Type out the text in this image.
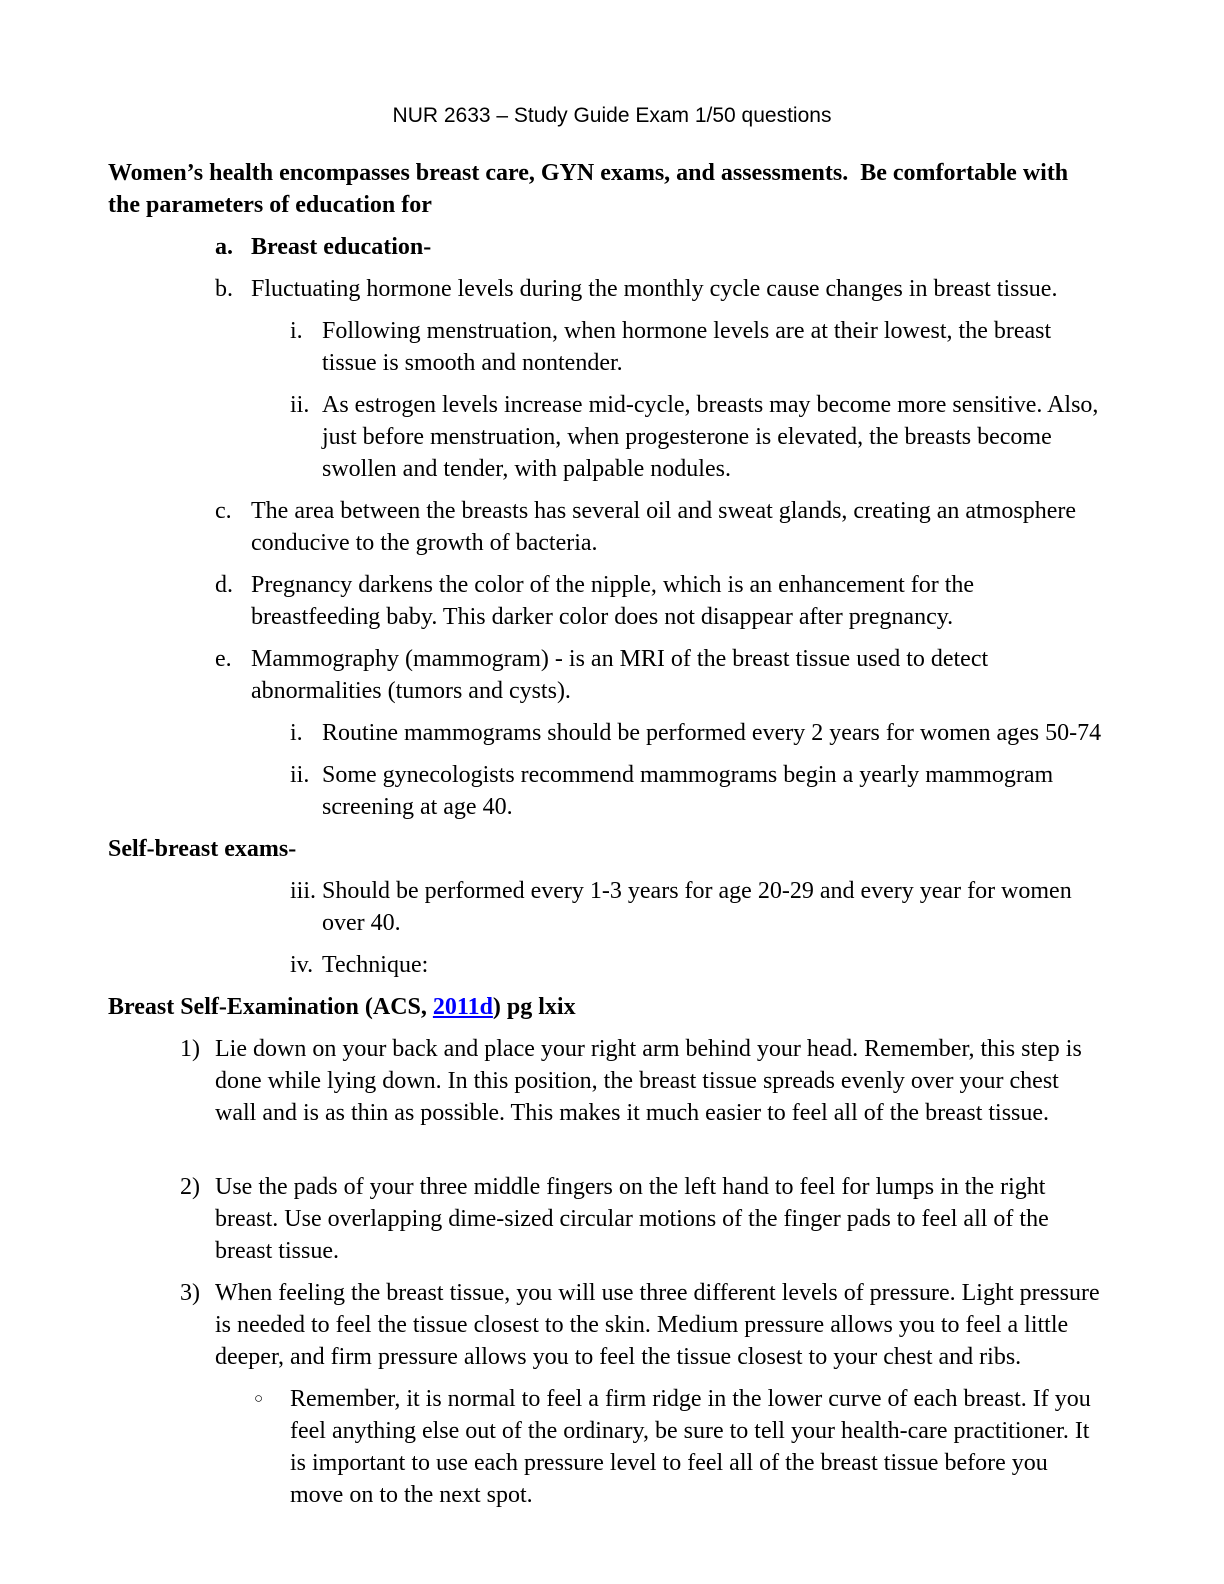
NUR 2633 – Study Guide Exam 1/50 questions
Women’s health encompasses breast care, GYN exams, and assessments.  Be comfortable with the parameters of education for
a. Breast education-
b. Fluctuating hormone levels during the monthly cycle cause changes in breast tissue.
i. Following menstruation, when hormone levels are at their lowest, the breast tissue is smooth and nontender.
ii. As estrogen levels increase mid-cycle, breasts may become more sensitive. Also, just before menstruation, when progesterone is elevated, the breasts become swollen and tender, with palpable nodules.
c. The area between the breasts has several oil and sweat glands, creating an atmosphere conducive to the growth of bacteria.
d. Pregnancy darkens the color of the nipple, which is an enhancement for the breastfeeding baby. This darker color does not disappear after pregnancy.
e. Mammography (mammogram) - is an MRI of the breast tissue used to detect abnormalities (tumors and cysts).
i. Routine mammograms should be performed every 2 years for women ages 50-74
ii. Some gynecologists recommend mammograms begin a yearly mammogram screening at age 40.
Self-breast exams-
iii. Should be performed every 1-3 years for age 20-29 and every year for women over 40.
iv. Technique:
Breast Self-Examination (ACS, 2011d) pg lxix
1) Lie down on your back and place your right arm behind your head. Remember, this step is done while lying down. In this position, the breast tissue spreads evenly over your chest wall and is as thin as possible. This makes it much easier to feel all of the breast tissue.
2) Use the pads of your three middle fingers on the left hand to feel for lumps in the right breast. Use overlapping dime-sized circular motions of the finger pads to feel all of the breast tissue.
3) When feeling the breast tissue, you will use three different levels of pressure. Light pressure is needed to feel the tissue closest to the skin. Medium pressure allows you to feel a little deeper, and firm pressure allows you to feel the tissue closest to your chest and ribs.
○ Remember, it is normal to feel a firm ridge in the lower curve of each breast. If you feel anything else out of the ordinary, be sure to tell your health-care practitioner. It is important to use each pressure level to feel all of the breast tissue before you move on to the next spot.
